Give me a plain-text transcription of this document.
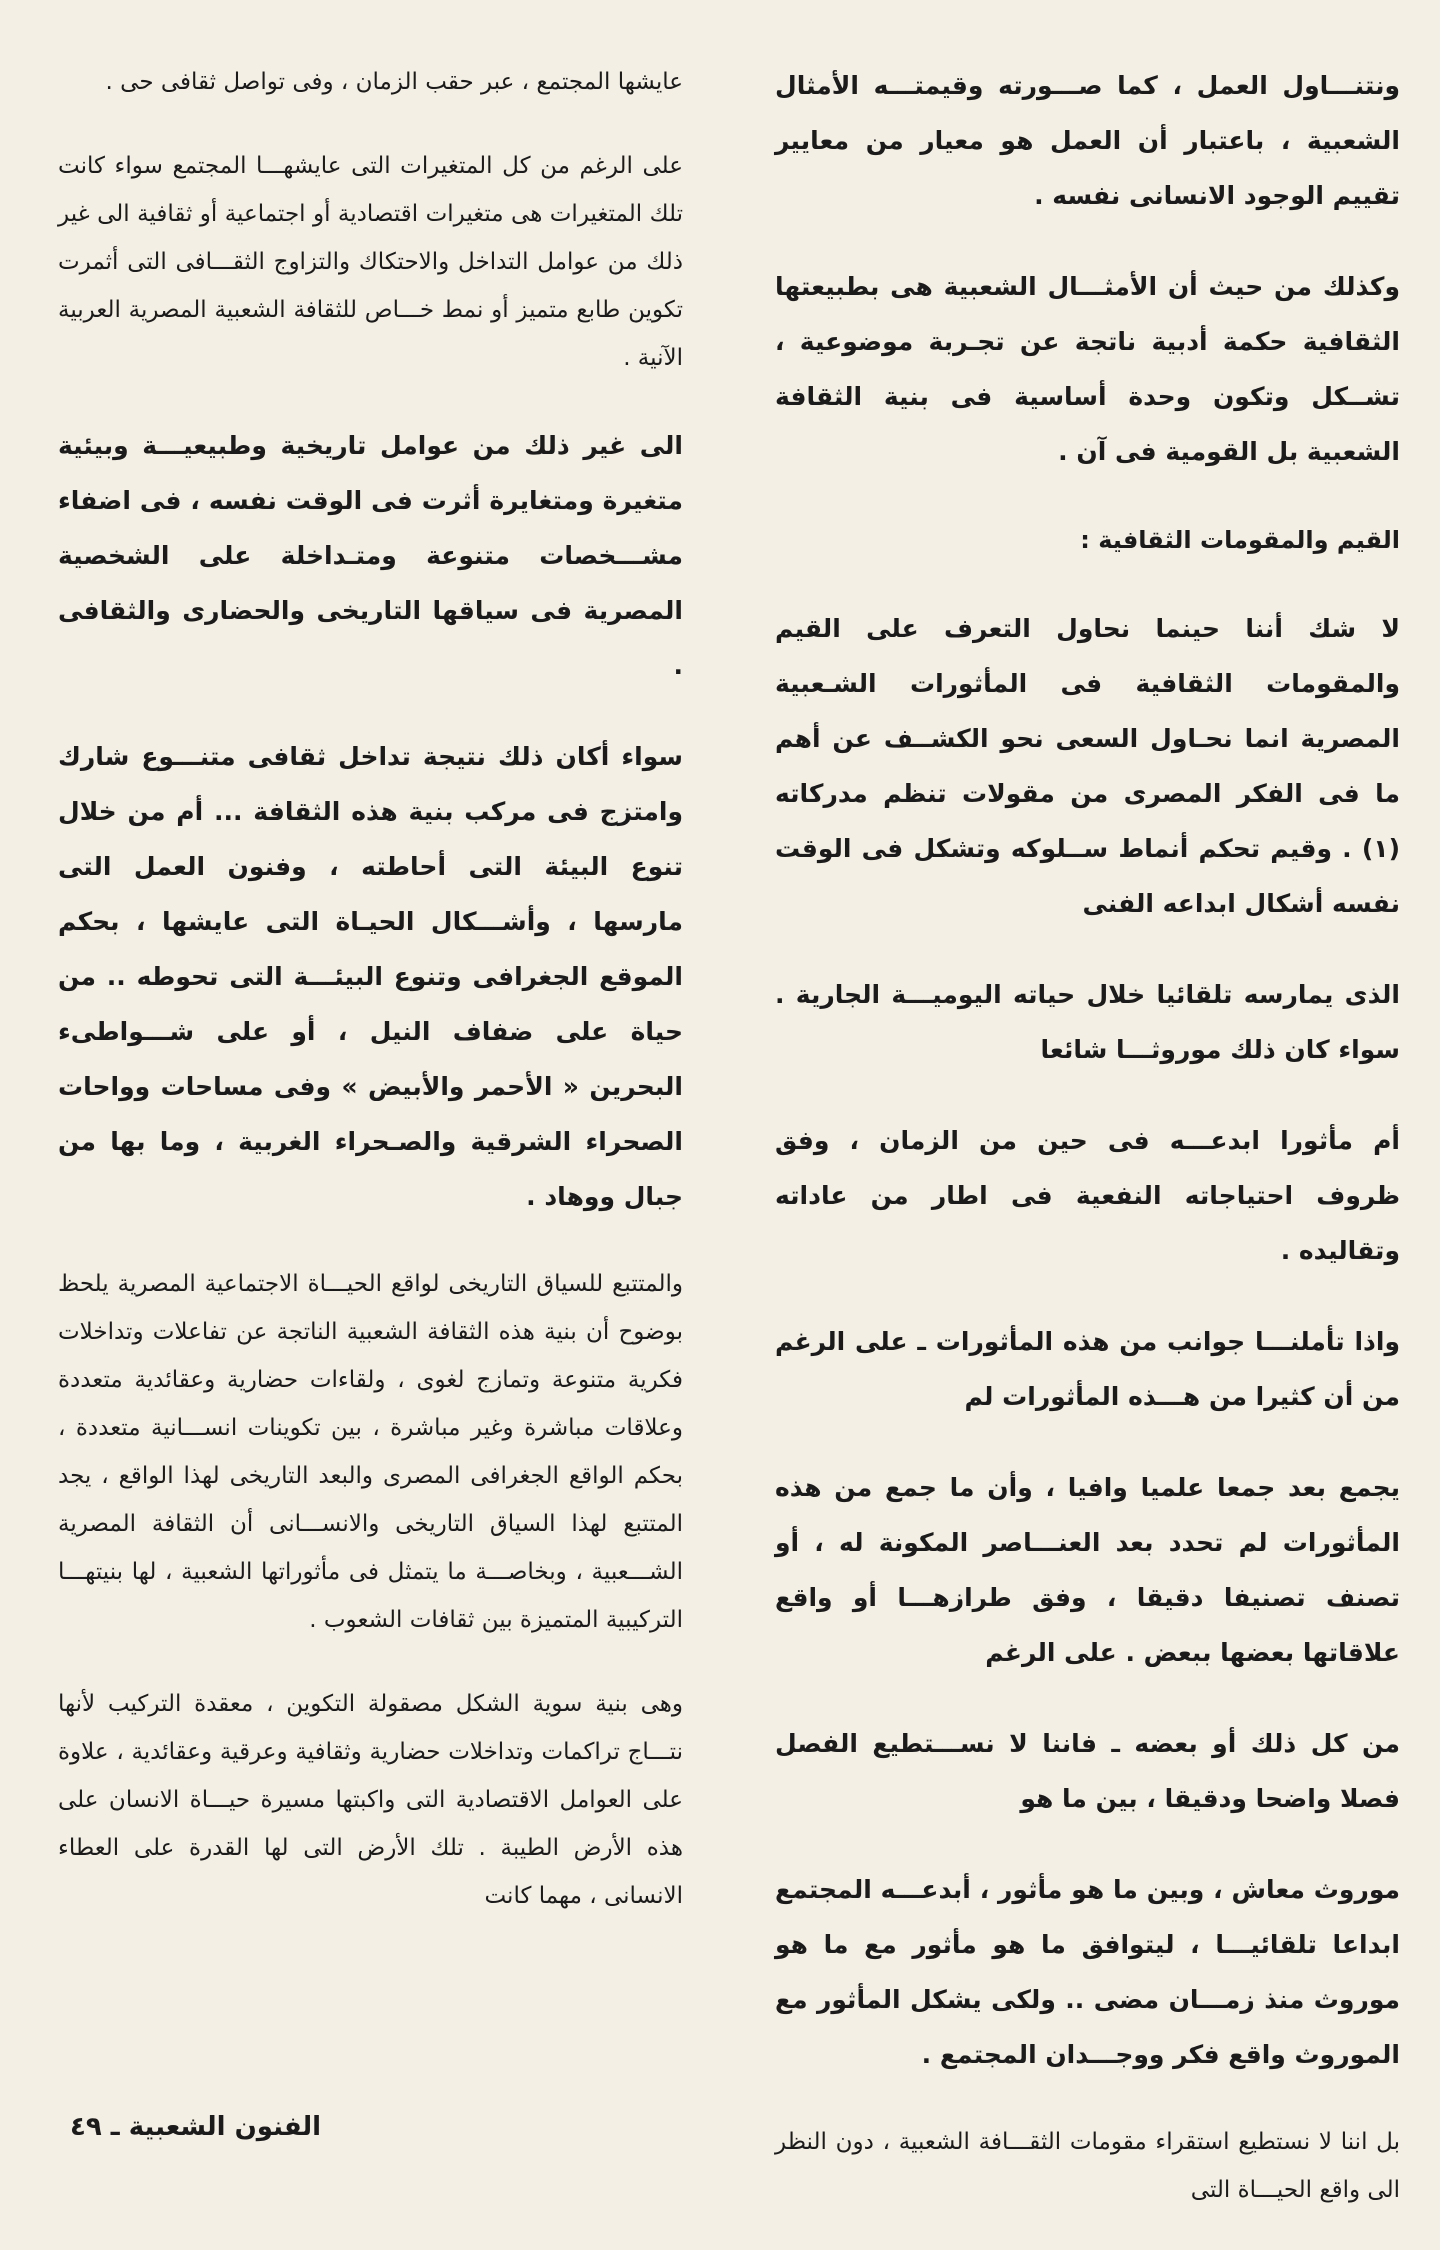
ونتنـــاول العمل ، كما صـــورته وقيمتـــه الأمثال الشعبية ، باعتبار أن العمل هو معيار من معايير تقييم الوجود الانسانى نفسه .

وكذلك من حيث أن الأمثـــال الشعبية هى بطبيعتها الثقافية حكمة أدبية ناتجة عن تجـربة موضوعية ، تشــكل وتكون وحدة أساسية فى بنية الثقافة الشعبية بل القومية فى آن .

القيم والمقومات الثقافية :

لا شك أننا حينما نحاول التعرف على القيم والمقومات الثقافية فى المأثورات الشـعبية المصرية انما نحـاول السعى نحو الكشــف عن أهم ما فى الفكر المصرى من مقولات تنظم مدركاته (١) . وقيم تحكم أنماط ســلوكه وتشكل فى الوقت نفسه أشكال ابداعه الفنى

الذى يمارسه تلقائيا خلال حياته اليوميـــة الجارية . سواء كان ذلك موروثـــا شائعا

أم مأثورا ابدعـــه فى حين من الزمان ، وفق ظروف احتياجاته النفعية فى اطار من عاداته وتقاليده .

واذا تأملنـــا جوانب من هذه المأثورات ـ على الرغم من أن كثيرا من هـــذه المأثورات لم

يجمع بعد جمعا علميا وافيا ، وأن ما جمع من هذه المأثورات لم تحدد بعد العنـــاصر المكونة له ، أو تصنف تصنيفا دقيقا ، وفق طرازهـــا أو واقع علاقاتها بعضها ببعض . على الرغم

من كل ذلك أو بعضه ـ فاننا لا نســـتطيع الفصل فصلا واضحا ودقيقا ، بين ما هو

موروث معاش ، وبين ما هو مأثور ، أبدعـــه المجتمع ابداعا تلقائيـــا ، ليتوافق ما هو مأثور مع ما هو موروث منذ زمـــان مضى .. ولكى يشكل المأثور مع الموروث واقع فكر ووجـــدان المجتمع .

بل اننا لا نستطيع استقراء مقومات الثقـــافة الشعبية ، دون النظر الى واقع الحيـــاة التى

عايشها المجتمع ، عبر حقب الزمان ، وفى تواصل ثقافى حى .

على الرغم من كل المتغيرات التى عايشهـــا المجتمع سواء كانت تلك المتغيرات هى متغيرات اقتصادية أو اجتماعية أو ثقافية الى غير ذلك من عوامل التداخل والاحتكاك والتزاوج الثقـــافى التى أثمرت تكوين طابع متميز أو نمط خـــاص للثقافة الشعبية المصرية العربية الآنية .

الى غير ذلك من عوامل تاريخية وطبيعيـــة وبيئية متغيرة ومتغايرة أثرت فى الوقت نفسه ، فى اضفاء مشـــخصات متنوعة ومتـداخلة على الشخصية المصرية فى سياقها التاريخى والحضارى والثقافى .

سواء أكان ذلك نتيجة تداخل ثقافى متنـــوع شارك وامتزج فى مركب بنية هذه الثقافة ... أم من خلال تنوع البيئة التى أحاطته ، وفنون العمل التى مارسها ، وأشـــكال الحيـاة التى عايشها ، بحكم الموقع الجغرافى وتنوع البيئـــة التى تحوطه .. من حياة على ضفاف النيل ، أو على شـــواطىء البحرين « الأحمر والأبيض » وفى مساحات وواحات الصحراء الشرقية والصـحراء الغربية ، وما بها من جبال ووهاد .

والمتتبع للسياق التاريخى لواقع الحيـــاة الاجتماعية المصرية يلحظ بوضوح أن بنية هذه الثقافة الشعبية الناتجة عن تفاعلات وتداخلات فكرية متنوعة وتمازج لغوى ، ولقاءات حضارية وعقائدية متعددة وعلاقات مباشرة وغير مباشرة ، بين تكوينات انســـانية متعددة ، بحكم الواقع الجغرافى المصرى والبعد التاريخى لهذا الواقع ، يجد المتتبع لهذا السياق التاريخى والانســـانى أن الثقافة المصرية الشـــعبية ، وبخاصـــة ما يتمثل فى مأثوراتها الشعبية ، لها بنيتهـــا التركيبية المتميزة بين ثقافات الشعوب .

وهى بنية سوية الشكل مصقولة التكوين ، معقدة التركيب لأنها نتـــاج تراكمات وتداخلات حضارية وثقافية وعرقية وعقائدية ، علاوة على العوامل الاقتصادية التى واكبتها مسيرة حيـــاة الانسان على هذه الأرض الطيبة . تلك الأرض التى لها القدرة على العطاء الانسانى ، مهما كانت

الفنون الشعبية ـ ٤٩
